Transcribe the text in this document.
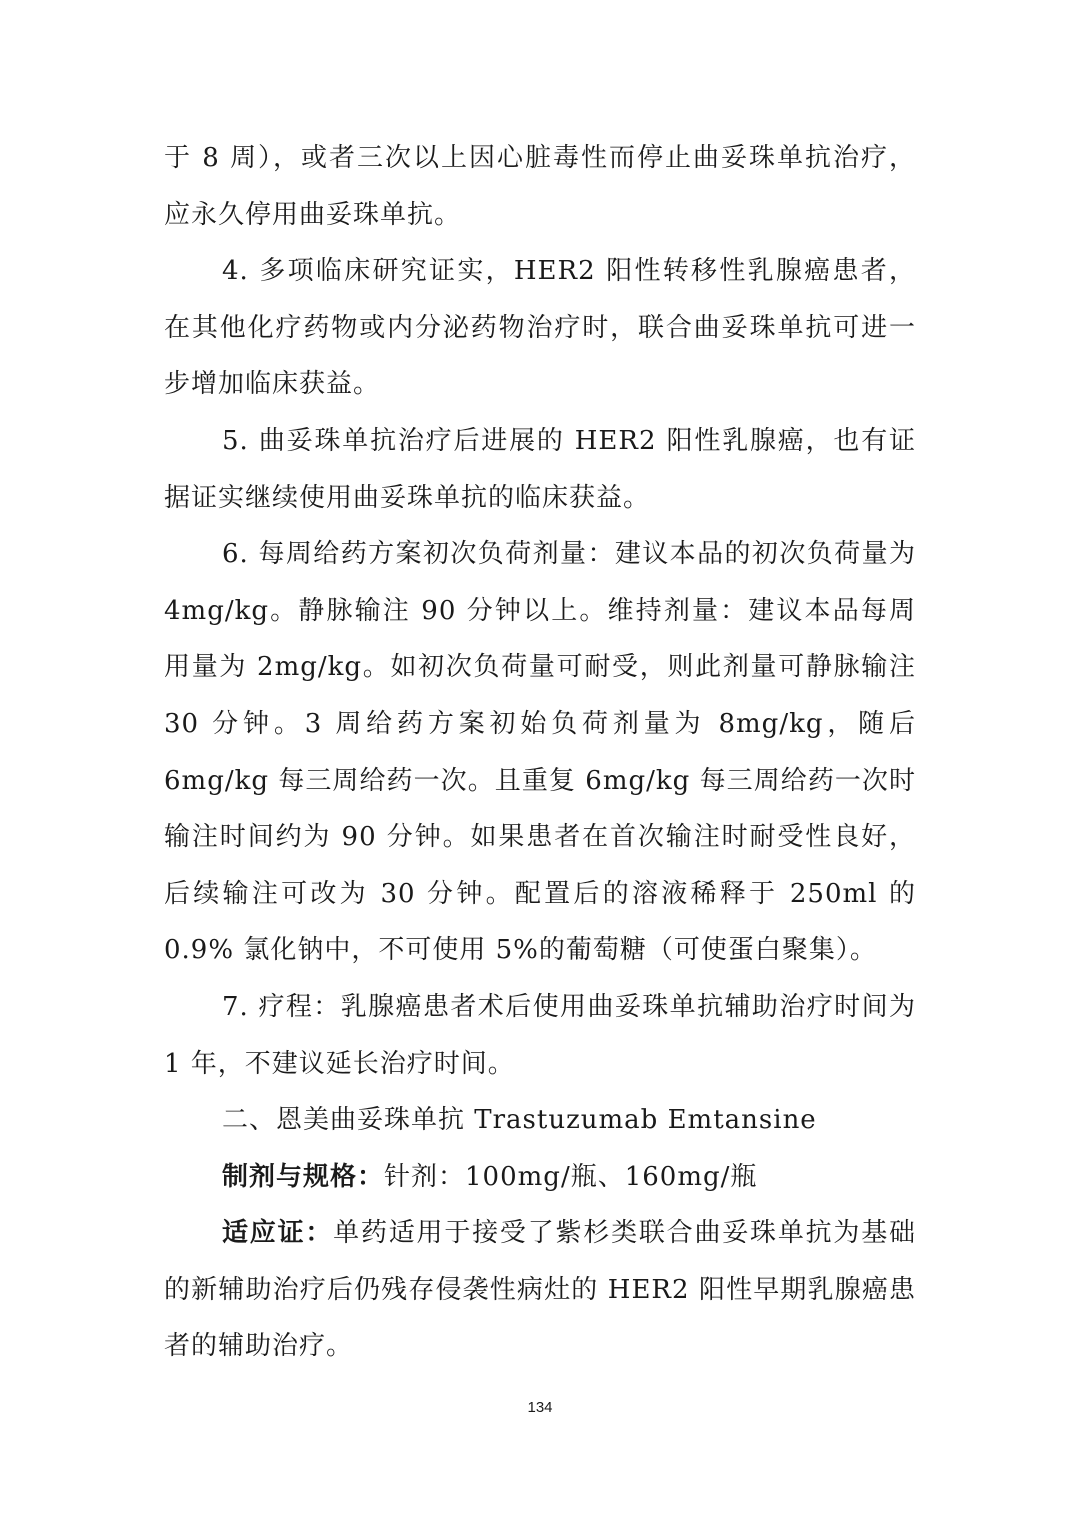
于 8 周），或者三次以上因心脏毒性而停止曲妥珠单抗治疗，应永久停用曲妥珠单抗。

4. 多项临床研究证实，HER2 阳性转移性乳腺癌患者，在其他化疗药物或内分泌药物治疗时，联合曲妥珠单抗可进一步增加临床获益。

5. 曲妥珠单抗治疗后进展的 HER2 阳性乳腺癌，也有证据证实继续使用曲妥珠单抗的临床获益。

6. 每周给药方案初次负荷剂量：建议本品的初次负荷量为 4mg/kg。静脉输注 90 分钟以上。维持剂量：建议本品每周用量为 2mg/kg。如初次负荷量可耐受，则此剂量可静脉输注 30 分钟。3 周给药方案初始负荷剂量为 8mg/kg，随后 6mg/kg 每三周给药一次。且重复 6mg/kg 每三周给药一次时输注时间约为 90 分钟。如果患者在首次输注时耐受性良好，后续输注可改为 30 分钟。配置后的溶液稀释于 250ml 的 0.9% 氯化钠中，不可使用 5%的葡萄糖（可使蛋白聚集）。

7. 疗程：乳腺癌患者术后使用曲妥珠单抗辅助治疗时间为 1 年，不建议延长治疗时间。

二、恩美曲妥珠单抗 Trastuzumab Emtansine

制剂与规格：针剂：100mg/瓶、160mg/瓶

适应证：单药适用于接受了紫杉类联合曲妥珠单抗为基础的新辅助治疗后仍残存侵袭性病灶的 HER2 阳性早期乳腺癌患者的辅助治疗。

134
